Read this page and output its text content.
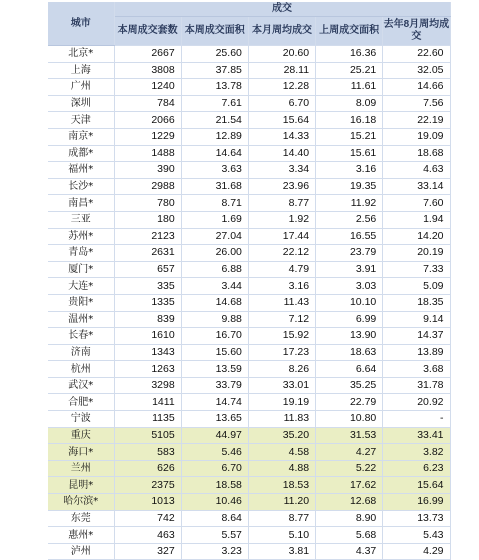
城市	成交				
	本周成交套数	本周成交面积	本月周均成交	上周成交面积	去年8月周均成交
北京*	2667	25.60	20.60	16.36	22.60
上海	3808	37.85	28.11	25.21	32.05
广州	1240	13.78	12.28	11.61	14.66
深圳	784	7.61	6.70	8.09	7.56
天津	2066	21.54	15.64	16.18	22.19
南京*	1229	12.89	14.33	15.21	19.09
成都*	1488	14.64	14.40	15.61	18.68
福州*	390	3.63	3.34	3.16	4.63
长沙*	2988	31.68	23.96	19.35	33.14
南昌*	780	8.71	8.77	11.92	7.60
三亚	180	1.69	1.92	2.56	1.94
苏州*	2123	27.04	17.44	16.55	14.20
青岛*	2631	26.00	22.12	23.79	20.19
厦门*	657	6.88	4.79	3.91	7.33
大连*	335	3.44	3.16	3.03	5.09
贵阳*	1335	14.68	11.43	10.10	18.35
温州*	839	9.88	7.12	6.99	9.14
长春*	1610	16.70	15.92	13.90	14.37
济南	1343	15.60	17.23	18.63	13.89
杭州	1263	13.59	8.26	6.64	3.68
武汉*	3298	33.79	33.01	35.25	31.78
合肥*	1411	14.74	19.19	22.79	20.92
宁波	1135	13.65	11.83	10.80	-
重庆	5105	44.97	35.20	31.53	33.41
海口*	583	5.46	4.58	4.27	3.82
兰州	626	6.70	4.88	5.22	6.23
昆明*	2375	18.58	18.53	17.62	15.64
哈尔滨*	1013	10.46	11.20	12.68	16.99
东莞	742	8.64	8.77	8.90	13.73
惠州*	463	5.57	5.10	5.68	5.43
泸州	327	3.23	3.81	4.37	4.29
